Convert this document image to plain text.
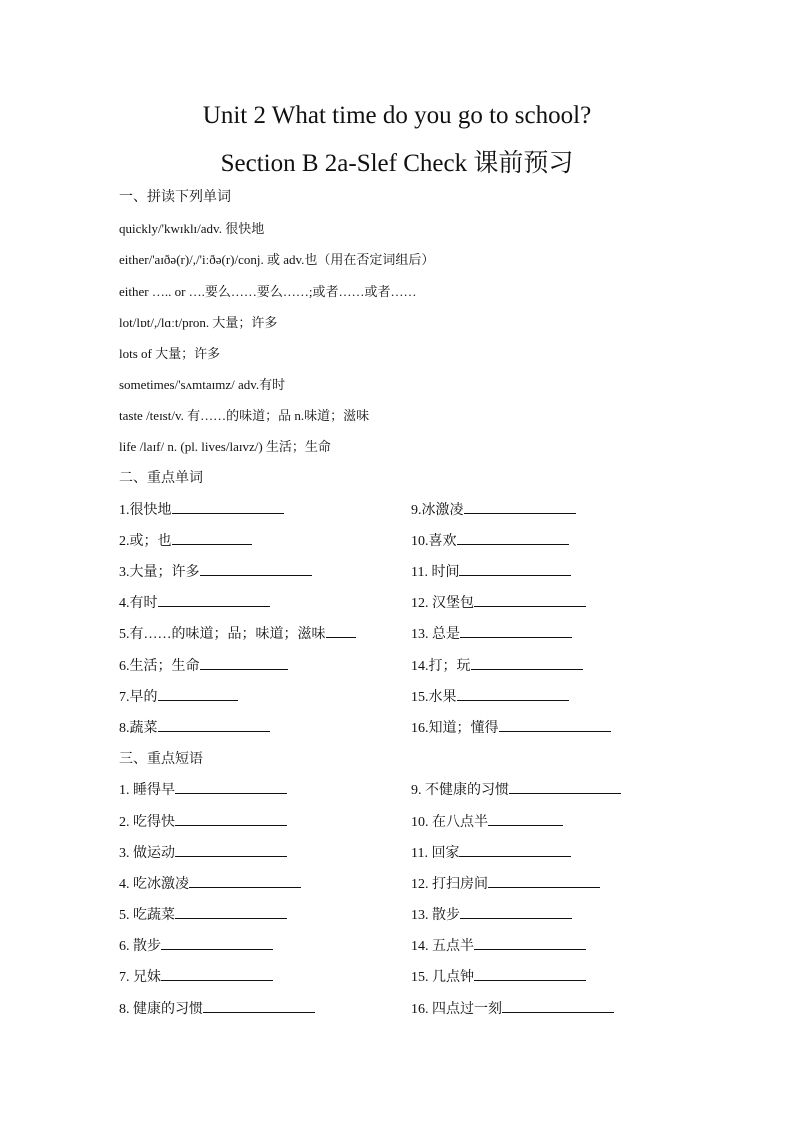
Unit 2 What time do you go to school?
Section B 2a-Slef Check 课前预习
一、拼读下列单词
quickly/'kwɪklɪ/adv. 很快地
either/'aɪðə(r)/,/'iːðə(r)/conj. 或 adv.也（用在否定词组后）
either ….. or ….要么……要么……;或者……或者……
lot/lɒt/,/lɑːt/pron. 大量；许多
lots of 大量；许多
sometimes/'sʌmtaɪmz/ adv.有时
taste /teɪst/v. 有……的味道；品 n.味道；滋味
life /laɪf/ n. (pl. lives/laɪvz/) 生活；生命
二、重点单词
1.很快地
2.或；也
3.大量；许多
4.有时
5.有……的味道；品；味道；滋味
6.生活；生命
7.早的
8.蔬菜
9.冰激凌
10.喜欢
11. 时间
12. 汉堡包
13. 总是
14.打；玩
15.水果
16.知道；懂得
三、重点短语
1. 睡得早
2. 吃得快
3. 做运动
4. 吃冰激凌
5. 吃蔬菜
6. 散步
7. 兄妹
8. 健康的习惯
9. 不健康的习惯
10. 在八点半
11. 回家
12. 打扫房间
13. 散步
14. 五点半
15. 几点钟
16. 四点过一刻
